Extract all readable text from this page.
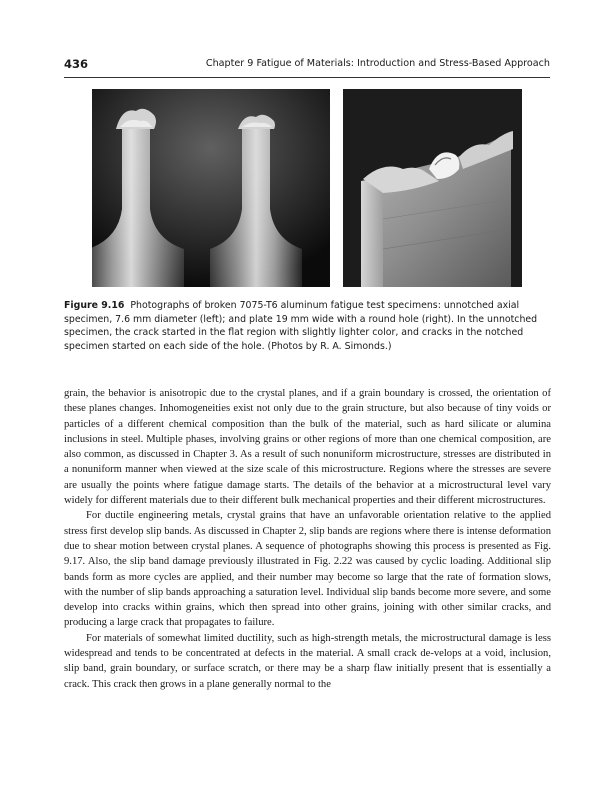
436	Chapter 9 Fatigue of Materials: Introduction and Stress-Based Approach
Figure 9.16 Photographs of broken 7075-T6 aluminum fatigue test specimens: unnotched axial specimen, 7.6 mm diameter (left); and plate 19 mm wide with a round hole (right). In the unnotched specimen, the crack started in the flat region with slightly lighter color, and cracks in the notched specimen started on each side of the hole. (Photos by R. A. Simonds.)

grain, the behavior is anisotropic due to the crystal planes, and if a grain boundary is crossed, the orientation of these planes changes. Inhomogeneities exist not only due to the grain structure, but also because of tiny voids or particles of a different chemical composition than the bulk of the material, such as hard silicate or alumina inclusions in steel. Multiple phases, involving grains or other regions of more than one chemical composition, are also common, as discussed in Chapter 3. As a result of such nonuniform microstructure, stresses are distributed in a nonuniform manner when viewed at the size scale of this microstructure. Regions where the stresses are severe are usually the points where fatigue damage starts. The details of the behavior at a microstructural level vary widely for different materials due to their different bulk mechanical properties and their different microstructures.

For ductile engineering metals, crystal grains that have an unfavorable orientation relative to the applied stress first develop slip bands. As discussed in Chapter 2, slip bands are regions where there is intense deformation due to shear motion between crystal planes. A sequence of photographs showing this process is presented as Fig. 9.17. Also, the slip band damage previously illustrated in Fig. 2.22 was caused by cyclic loading. Additional slip bands form as more cycles are applied, and their number may become so large that the rate of formation slows, with the number of slip bands approaching a saturation level. Individual slip bands become more severe, and some develop into cracks within grains, which then spread into other grains, joining with other similar cracks, and producing a large crack that propagates to failure.

For materials of somewhat limited ductility, such as high-strength metals, the microstructural damage is less widespread and tends to be concentrated at defects in the material. A small crack de-velops at a void, inclusion, slip band, grain boundary, or surface scratch, or there may be a sharp flaw initially present that is essentially a crack. This crack then grows in a plane generally normal to the
